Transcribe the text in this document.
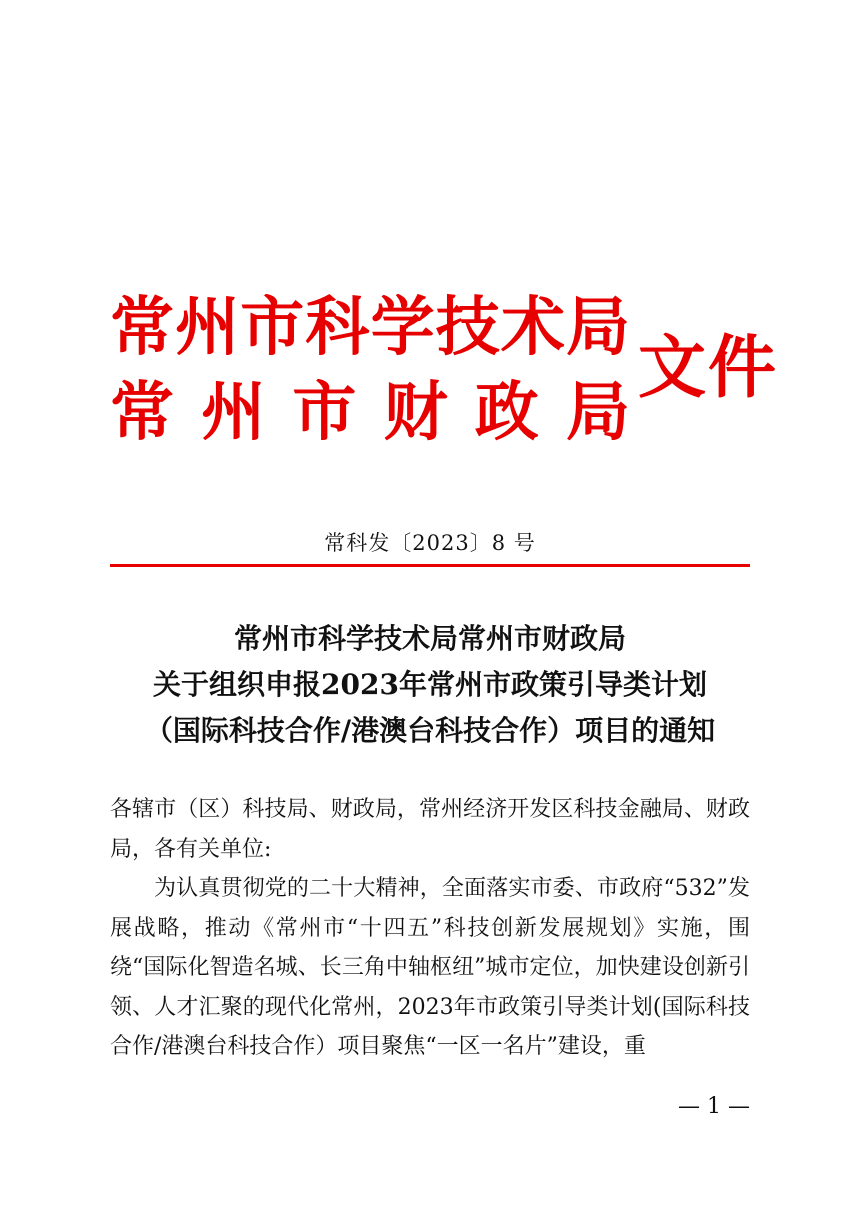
常 州 市 科 学 技 术 局
常 州 市 财 政 局
文件
常科发〔2023〕8 号
常州市科学技术局常州市财政局
关于组织申报2023年常州市政策引导类计划
（国际科技合作/港澳台科技合作）项目的通知

各辖市（区）科技局、财政局，常州经济开发区科技金融局、财政局，各有关单位:

为认真贯彻党的二十大精神，全面落实市委、市政府“532”发展战略，推动《常州市“十四五”科技创新发展规划》实施，围绕“国际化智造名城、长三角中轴枢纽”城市定位，加快建设创新引领、人才汇聚的现代化常州，2023年市政策引导类计划(国际科技合作/港澳台科技合作）项目聚焦“一区一名片”建设，重

— 1 —
